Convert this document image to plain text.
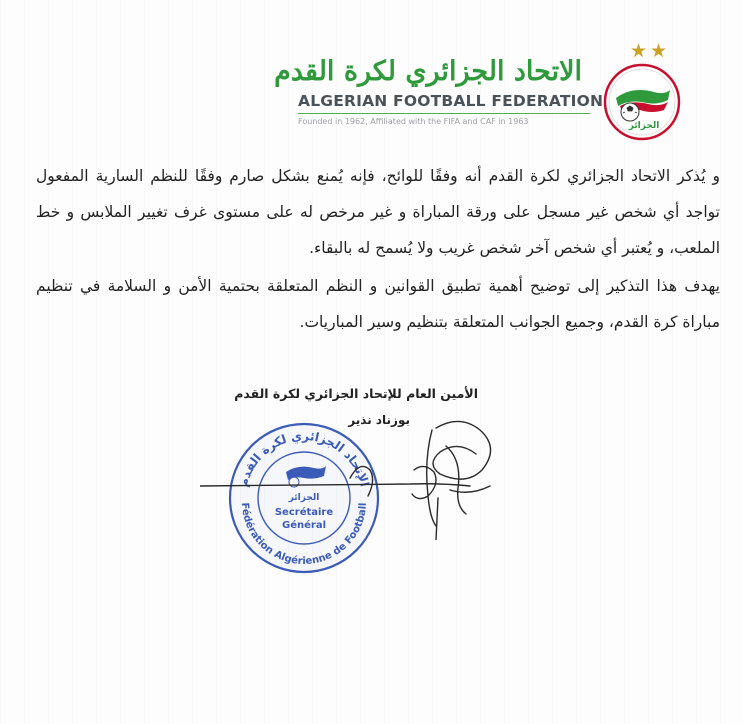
الاتحاد الجزائري لكرة القدم
ALGERIAN FOOTBALL FEDERATION
Founded in 1962, Affiliated with the FIFA and CAF in 1963
★★
الجزائر

و يُذكر الاتحاد الجزائري لكرة القدم أنه وفقًا للوائح، فإنه يُمنع بشكل صارم وفقًا للنظم السارية المفعول تواجد أي شخص غير مسجل على ورقة المباراة و غير مرخص له على مستوى غرف تغيير الملابس و خط الملعب، و يُعتبر أي شخص آخر شخص غريب ولا يُسمح له بالبقاء.

يهدف هذا التذكير إلى توضيح أهمية تطبيق القوانين و النظم المتعلقة بحتمية الأمن و السلامة في تنظيم مباراة كرة القدم، وجميع الجوانب المتعلقة بتنظيم وسير المباريات.

الأمين العام للإتحاد الجزائري لكرة القدم
بوزناد نذير
الإتحاد الجزائري لكرة القدم
Fédération Algérienne de Football
الجزائر
Secrétaire
Général
